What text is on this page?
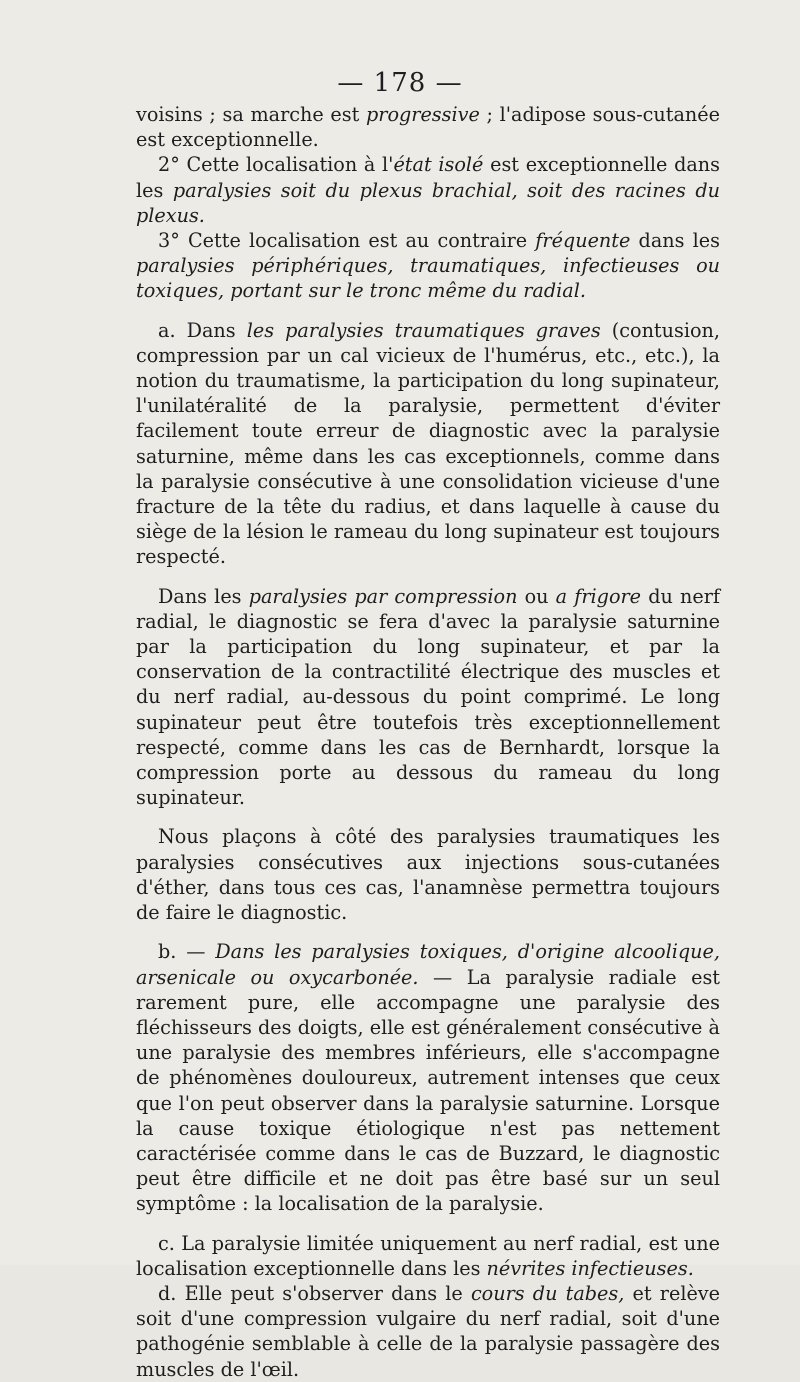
— 178 —

voisins ; sa marche est progressive ; l'adipose sous-cutanée est exceptionnelle.

2° Cette localisation à l'état isolé est exceptionnelle dans les paralysies soit du plexus brachial, soit des racines du plexus.

3° Cette localisation est au contraire fréquente dans les paralysies périphériques, traumatiques, infectieuses ou toxiques, portant sur le tronc même du radial.

a. Dans les paralysies traumatiques graves (contusion, compression par un cal vicieux de l'humérus, etc., etc.), la notion du traumatisme, la participation du long supinateur, l'unilatéralité de la paralysie, permettent d'éviter facilement toute erreur de diagnostic avec la paralysie saturnine, même dans les cas exceptionnels, comme dans la paralysie consécutive à une consolidation vicieuse d'une fracture de la tête du radius, et dans laquelle à cause du siège de la lésion le rameau du long supinateur est toujours respecté.

Dans les paralysies par compression ou a frigore du nerf radial, le diagnostic se fera d'avec la paralysie saturnine par la participation du long supinateur, et par la conservation de la contractilité électrique des muscles et du nerf radial, au-dessous du point comprimé. Le long supinateur peut être toutefois très exceptionnellement respecté, comme dans les cas de Bernhardt, lorsque la compression porte au dessous du rameau du long supinateur.

Nous plaçons à côté des paralysies traumatiques les paralysies consécutives aux injections sous-cutanées d'éther, dans tous ces cas, l'anamnèse permettra toujours de faire le diagnostic.

b. — Dans les paralysies toxiques, d'origine alcoolique, arsenicale ou oxycarbonée. — La paralysie radiale est rarement pure, elle accompagne une paralysie des fléchisseurs des doigts, elle est généralement consécutive à une paralysie des membres inférieurs, elle s'accompagne de phénomènes douloureux, autrement intenses que ceux que l'on peut observer dans la paralysie saturnine. Lorsque la cause toxique étiologique n'est pas nettement caractérisée comme dans le cas de Buzzard, le diagnostic peut être difficile et ne doit pas être basé sur un seul symptôme : la localisation de la paralysie.

c. La paralysie limitée uniquement au nerf radial, est une localisation exceptionnelle dans les névrites infectieuses.

d. Elle peut s'observer dans le cours du tabes, et relève soit d'une compression vulgaire du nerf radial, soit d'une pathogénie semblable à celle de la paralysie passagère des muscles de l'œil.
